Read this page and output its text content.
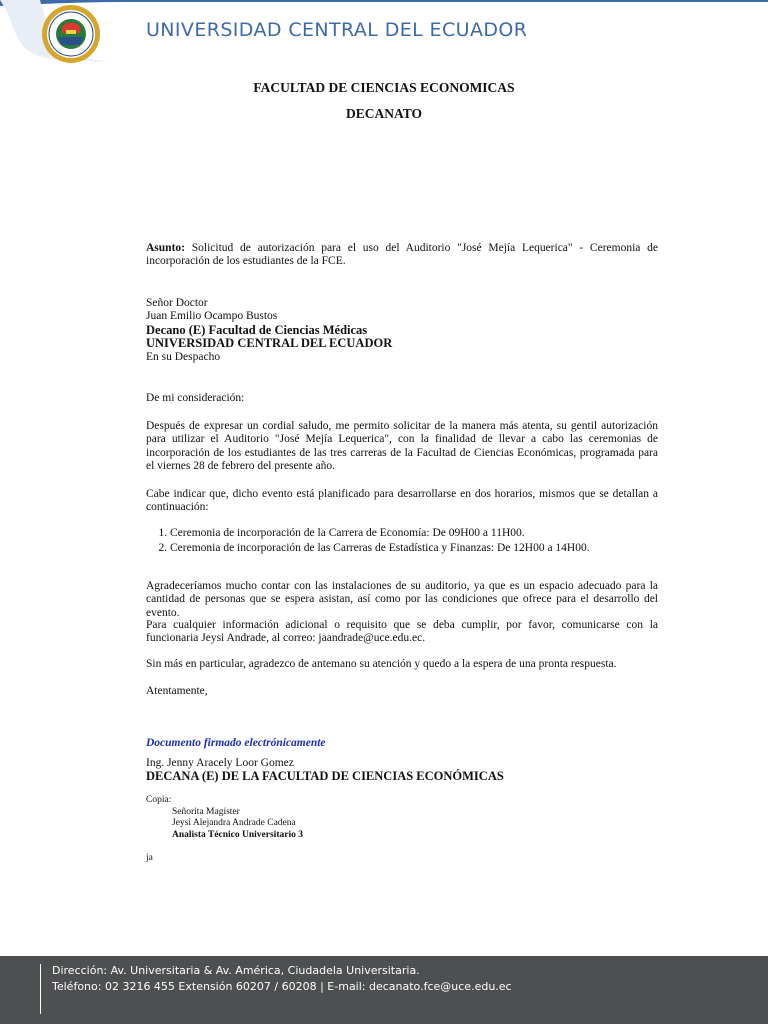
UNIVERSIDAD CENTRAL DEL ECUADOR
FACULTAD DE CIENCIAS ECONOMICAS
DECANATO
Asunto: Solicitud de autorización para el uso del Auditorio "José Mejía Lequerica" - Ceremonia de incorporación de los estudiantes de la FCE.
Señor Doctor
Juan Emilio Ocampo Bustos
Decano (E) Facultad de Ciencias Médicas
UNIVERSIDAD CENTRAL DEL ECUADOR
En su Despacho
De mi consideración:
Después de expresar un cordial saludo, me permito solicitar de la manera más atenta, su gentil autorización para utilizar el Auditorio "José Mejía Lequerica", con la finalidad de llevar a cabo las ceremonias de incorporación de los estudiantes de las tres carreras de la Facultad de Ciencias Económicas, programada para el viernes 28 de febrero del presente año.
Cabe indicar que, dicho evento está planificado para desarrollarse en dos horarios, mismos que se detallan a continuación:
1. Ceremonia de incorporación de la Carrera de Economía: De 09H00 a 11H00.
2. Ceremonia de incorporación de las Carreras de Estadística y Finanzas: De 12H00 a 14H00.
Agradeceríamos mucho contar con las instalaciones de su auditorio, ya que es un espacio adecuado para la cantidad de personas que se espera asistan, así como por las condiciones que ofrece para el desarrollo del evento.
Para cualquier información adicional o requisito que se deba cumplir, por favor, comunicarse con la funcionaria Jeysi Andrade, al correo: jaandrade@uce.edu.ec.
Sin más en particular, agradezco de antemano su atención y quedo a la espera de una pronta respuesta.
Atentamente,
Documento firmado electrónicamente
Ing. Jenny Aracely Loor Gomez
DECANA (E) DE LA FACULTAD DE CIENCIAS ECONÓMICAS
Copia:
Señorita Magíster
Jeysi Alejandra Andrade Cadena
Analista Técnico Universitario 3
ja
Dirección: Av. Universitaria & Av. América, Ciudadela Universitaria.
Teléfono: 02 3216 455 Extensión 60207 / 60208 | E-mail: decanato.fce@uce.edu.ec
